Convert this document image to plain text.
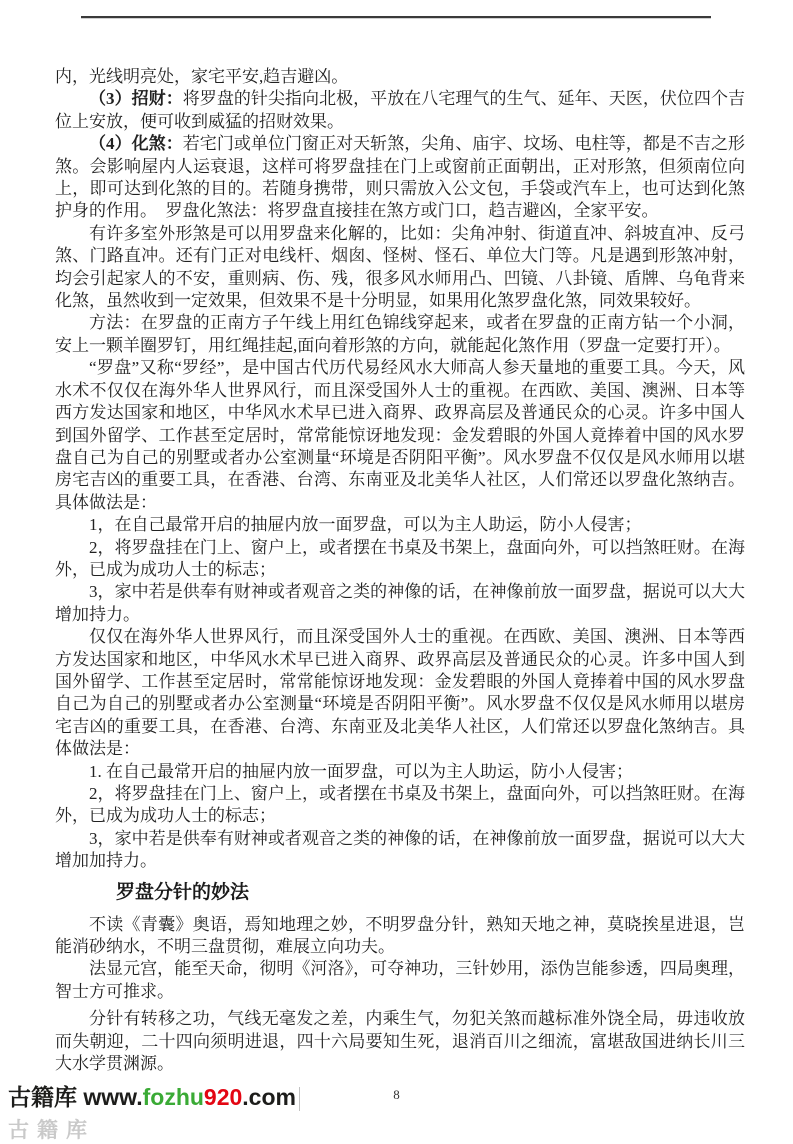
内，光线明亮处，家宅平安,趋吉避凶。

（3）招财：将罗盘的针尖指向北极，平放在八宅理气的生气、延年、天医，伏位四个吉位上安放，便可收到威猛的招财效果。

（4）化煞：若宅门或单位门窗正对天斩煞，尖角、庙宇、坟场、电柱等，都是不吉之形煞。会影响屋内人运衰退，这样可将罗盘挂在门上或窗前正面朝出，正对形煞，但须南位向上，即可达到化煞的目的。若随身携带，则只需放入公文包，手袋或汽车上，也可达到化煞护身的作用。　罗盘化煞法：将罗盘直接挂在煞方或门口，趋吉避凶，全家平安。

有许多室外形煞是可以用罗盘来化解的，比如：尖角冲射、街道直冲、斜坡直冲、反弓煞、门路直冲。还有门正对电线杆、烟囱、怪树、怪石、单位大门等。凡是遇到形煞冲射，均会引起家人的不安，重则病、伤、残，很多风水师用凸、凹镜、八卦镜、盾牌、乌龟背来化煞，虽然收到一定效果，但效果不是十分明显，如果用化煞罗盘化煞，同效果较好。

方法：在罗盘的正南方子午线上用红色锦线穿起来，或者在罗盘的正南方钻一个小洞，安上一颗羊圈罗钉，用红绳挂起,面向着形煞的方向，就能起化煞作用（罗盘一定要打开）。

“罗盘”又称“罗经”，是中国古代历代易经风水大师高人参天量地的重要工具。今天，风水术不仅仅在海外华人世界风行，而且深受国外人士的重视。在西欧、美国、澳洲、日本等西方发达国家和地区，中华风水术早已进入商界、政界高层及普通民众的心灵。许多中国人到国外留学、工作甚至定居时，常常能惊讶地发现：金发碧眼的外国人竟捧着中国的风水罗盘自己为自己的别墅或者办公室测量“环境是否阴阳平衡”。风水罗盘不仅仅是风水师用以堪房宅吉凶的重要工具，在香港、台湾、东南亚及北美华人社区，人们常还以罗盘化煞纳吉。具体做法是：

1，在自己最常开启的抽屉内放一面罗盘，可以为主人助运，防小人侵害；

2，将罗盘挂在门上、窗户上，或者摆在书桌及书架上，盘面向外，可以挡煞旺财。在海外，已成为成功人士的标志；

3，家中若是供奉有财神或者观音之类的神像的话，在神像前放一面罗盘，据说可以大大增加持力。

仅仅在海外华人世界风行，而且深受国外人士的重视。在西欧、美国、澳洲、日本等西方发达国家和地区，中华风水术早已进入商界、政界高层及普通民众的心灵。许多中国人到国外留学、工作甚至定居时，常常能惊讶地发现：金发碧眼的外国人竟捧着中国的风水罗盘自己为自己的别墅或者办公室测量“环境是否阴阳平衡”。风水罗盘不仅仅是风水师用以堪房宅吉凶的重要工具，在香港、台湾、东南亚及北美华人社区，人们常还以罗盘化煞纳吉。具体做法是：

1. 在自己最常开启的抽屉内放一面罗盘，可以为主人助运，防小人侵害；

2，将罗盘挂在门上、窗户上，或者摆在书桌及书架上，盘面向外，可以挡煞旺财。在海外，已成为成功人士的标志；

3，家中若是供奉有财神或者观音之类的神像的话，在神像前放一面罗盘，据说可以大大增加加持力。

罗盘分针的妙法

不读《青囊》奥语，焉知地理之妙，不明罗盘分针，熟知天地之神，莫晓挨星进退，岂能消砂纳水，不明三盘贯彻，难展立向功夫。

法显元宫，能至天命，彻明《河洛》，可夺神功，三针妙用，添伪岂能参透，四局奥理，智士方可推求。

分针有转移之功，气线无毫发之差，内乘生气，勿犯关煞而越标准外饶全局，毋违收放而失朝迎，二十四向须明进退，四十六局要知生死，退消百川之细流，富堪敌国进纳长川三大水学贯渊源。

古籍库 www.fozhu920.com
古籍库
8
